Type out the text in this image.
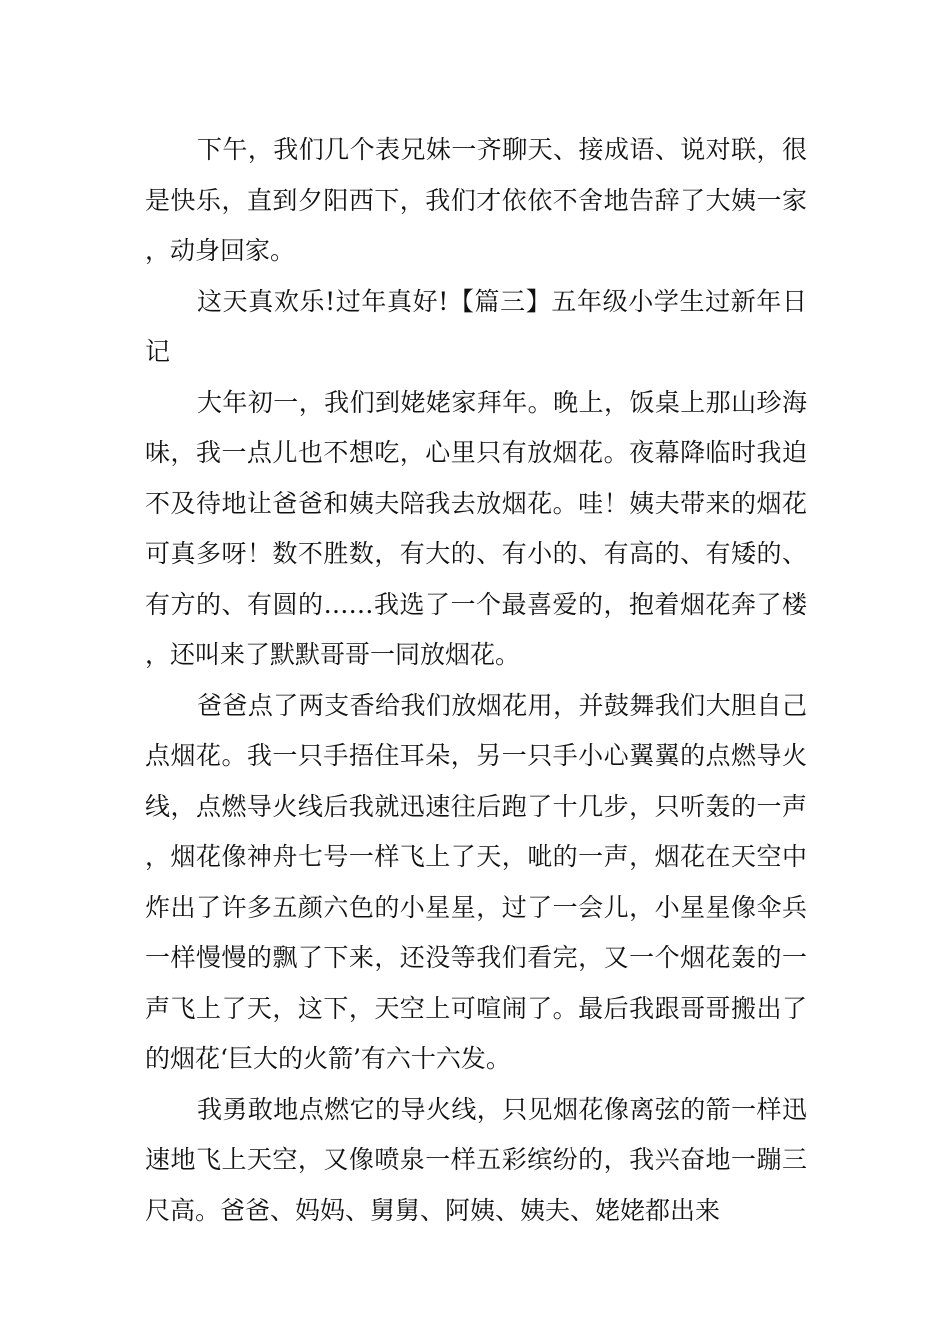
下午，我们几个表兄妹一齐聊天、接成语、说对联，很是快乐，直到夕阳西下，我们才依依不舍地告辞了大姨一家，动身回家。

这天真欢乐!过年真好!【篇三】五年级小学生过新年日记

大年初一，我们到姥姥家拜年。晚上，饭桌上那山珍海味，我一点儿也不想吃，心里只有放烟花。夜幕降临时我迫不及待地让爸爸和姨夫陪我去放烟花。哇！姨夫带来的烟花可真多呀！数不胜数，有大的、有小的、有高的、有矮的、有方的、有圆的……我选了一个最喜爱的，抱着烟花奔了楼，还叫来了默默哥哥一同放烟花。

爸爸点了两支香给我们放烟花用，并鼓舞我们大胆自己点烟花。我一只手捂住耳朵，另一只手小心翼翼的点燃导火线，点燃导火线后我就迅速往后跑了十几步，只听轰的一声，烟花像神舟七号一样飞上了天，呲的一声，烟花在天空中炸出了许多五颜六色的小星星，过了一会儿，小星星像伞兵一样慢慢的飘了下来，还没等我们看完，又一个烟花轰的一声飞上了天，这下，天空上可喧闹了。最后我跟哥哥搬出了的烟花‘巨大的火箭’有六十六发。

我勇敢地点燃它的导火线，只见烟花像离弦的箭一样迅速地飞上天空，又像喷泉一样五彩缤纷的，我兴奋地一蹦三尺高。爸爸、妈妈、舅舅、阿姨、姨夫、姥姥都出来
